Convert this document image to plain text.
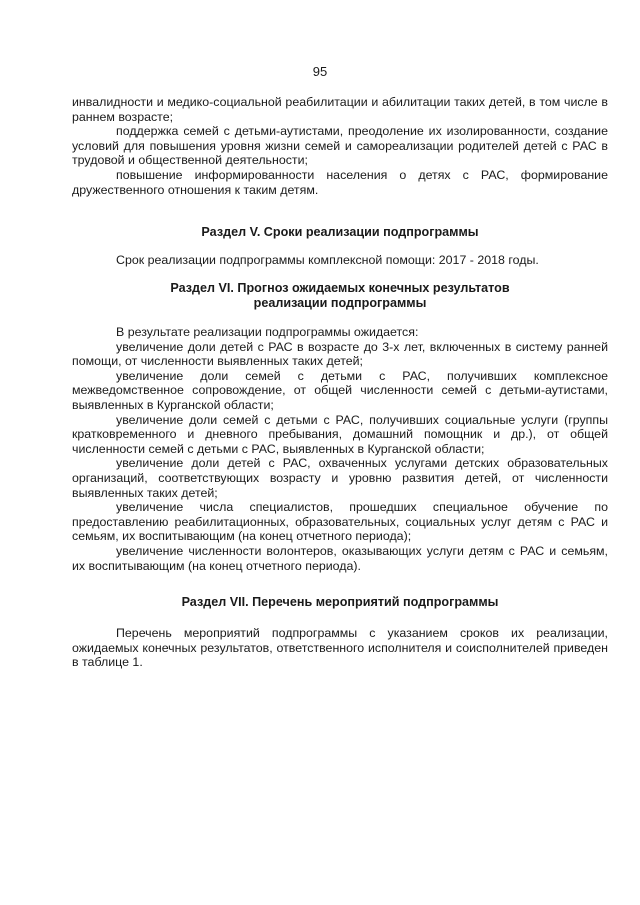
95

инвалидности и медико-социальной реабилитации и абилитации таких детей, в том числе в раннем возрасте;

поддержка семей с детьми-аутистами, преодоление их изолированности, создание условий для повышения уровня жизни семей и самореализации родителей детей с РАС в трудовой и общественной деятельности;

повышение информированности населения о детях с РАС, формирование дружественного отношения к таким детям.

Раздел V. Сроки реализации подпрограммы

Срок реализации подпрограммы комплексной помощи: 2017 - 2018 годы.

Раздел VI. Прогноз ожидаемых конечных результатов

реализации подпрограммы

В результате реализации подпрограммы ожидается:

увеличение доли детей с РАС в возрасте до 3-х лет, включенных в систему ранней помощи, от численности выявленных таких детей;

увеличение доли семей с детьми с РАС, получивших комплексное межведомственное сопровождение, от общей численности семей с детьми-аутистами, выявленных в Курганской области;

увеличение доли семей с детьми с РАС, получивших социальные услуги (группы кратковременного и дневного пребывания, домашний помощник и др.), от общей численности семей с детьми с РАС, выявленных в Курганской области;

увеличение доли детей с РАС, охваченных услугами детских образовательных организаций, соответствующих возрасту и уровню развития детей, от численности выявленных таких детей;

увеличение числа специалистов, прошедших специальное обучение по предоставлению реабилитационных, образовательных, социальных услуг детям с РАС и семьям, их воспитывающим (на конец отчетного периода);

увеличение численности волонтеров, оказывающих услуги детям с РАС и семьям, их воспитывающим (на конец отчетного периода).

Раздел VII. Перечень мероприятий подпрограммы

Перечень мероприятий подпрограммы с указанием сроков их реализации, ожидаемых конечных результатов, ответственного исполнителя и соисполнителей приведен в таблице 1.
